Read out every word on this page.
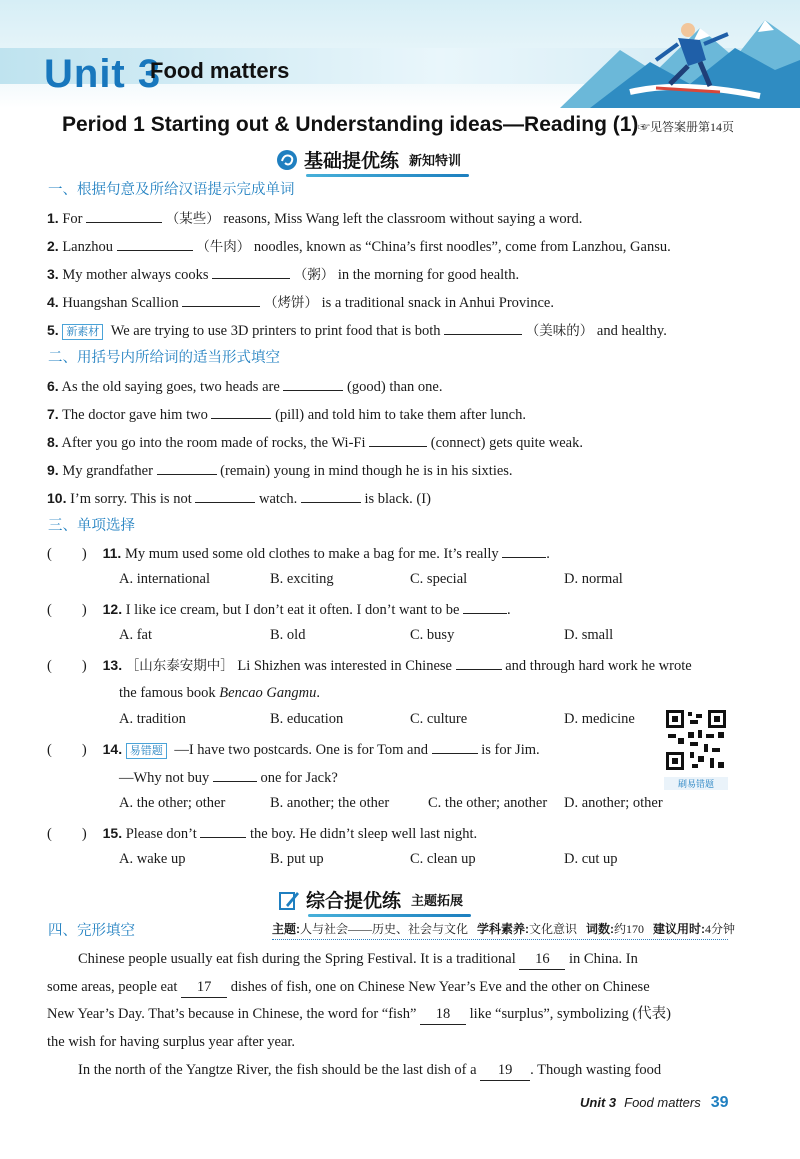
Unit 3
Food matters
Period 1 Starting out & Understanding ideas—Reading (1) ☞见答案册第14页
基础提优练 新知特训
一、根据句意及所给汉语提示完成单词
1. For	（某些） reasons, Miss Wang left the classroom without saying a word.
2. Lanzhou	（牛肉） noodles, known as “China’s first noodles”, come from Lanzhou, Gansu.
3. My mother always cooks	（粥） in the morning for good health.
4. Huangshan Scallion	（烤饼） is a traditional snack in Anhui Province.
5. 新素材 We are trying to use 3D printers to print food that is both	（美味的） and healthy.
二、用括号内所给词的适当形式填空
6. As the old saying goes, two heads are	(good) than one.
7. The doctor gave him two	(pill) and told him to take them after lunch.
8. After you go into the room made of rocks, the Wi-Fi	(connect) gets quite weak.
9. My grandfather	(remain) young in mind though he is in his sixties.
10. I’m sorry. This is not	watch.	is black. (I)
三、单项选择
( ) 11. My mum used some old clothes to make a bag for me. It’s really	.
A. international	B. exciting	C. special	D. normal
( ) 12. I like ice cream, but I don’t eat it often. I don’t want to be	.
A. fat	B. old	C. busy	D. small
( ) 13. ［山东泰安期中］ Li Shizhen was interested in Chinese	and through hard work he wrote
the famous book Bencao Gangmu.
A. tradition	B. education	C. culture	D. medicine
刷易错题
( ) 14. 易错题 —I have two postcards. One is for Tom and	is for Jim.
—Why not buy	one for Jack?
A. the other; other	B. another; the other	C. the other; another D. another; other
( ) 15. Please don’t	the boy. He didn’t sleep well last night.
A. wake up	B. put up	C. clean up	D. cut up
综合提优练 主题拓展
四、完形填空	主题:人与社会——历史、社会与文化 学科素养:文化意识 词数:约170 建议用时:4分钟
Chinese people usually eat fish during the Spring Festival. It is a traditional 16 in China. In
some areas, people eat 17 dishes of fish, one on Chinese New Year’s Eve and the other on Chinese
New Year’s Day. That’s because in Chinese, the word for “fish” 18 like “surplus”, symbolizing (代表)
the wish for having surplus year after year.
In the north of the Yangtze River, the fish should be the last dish of a 19 . Though wasting food
Unit 3 Food matters 39
